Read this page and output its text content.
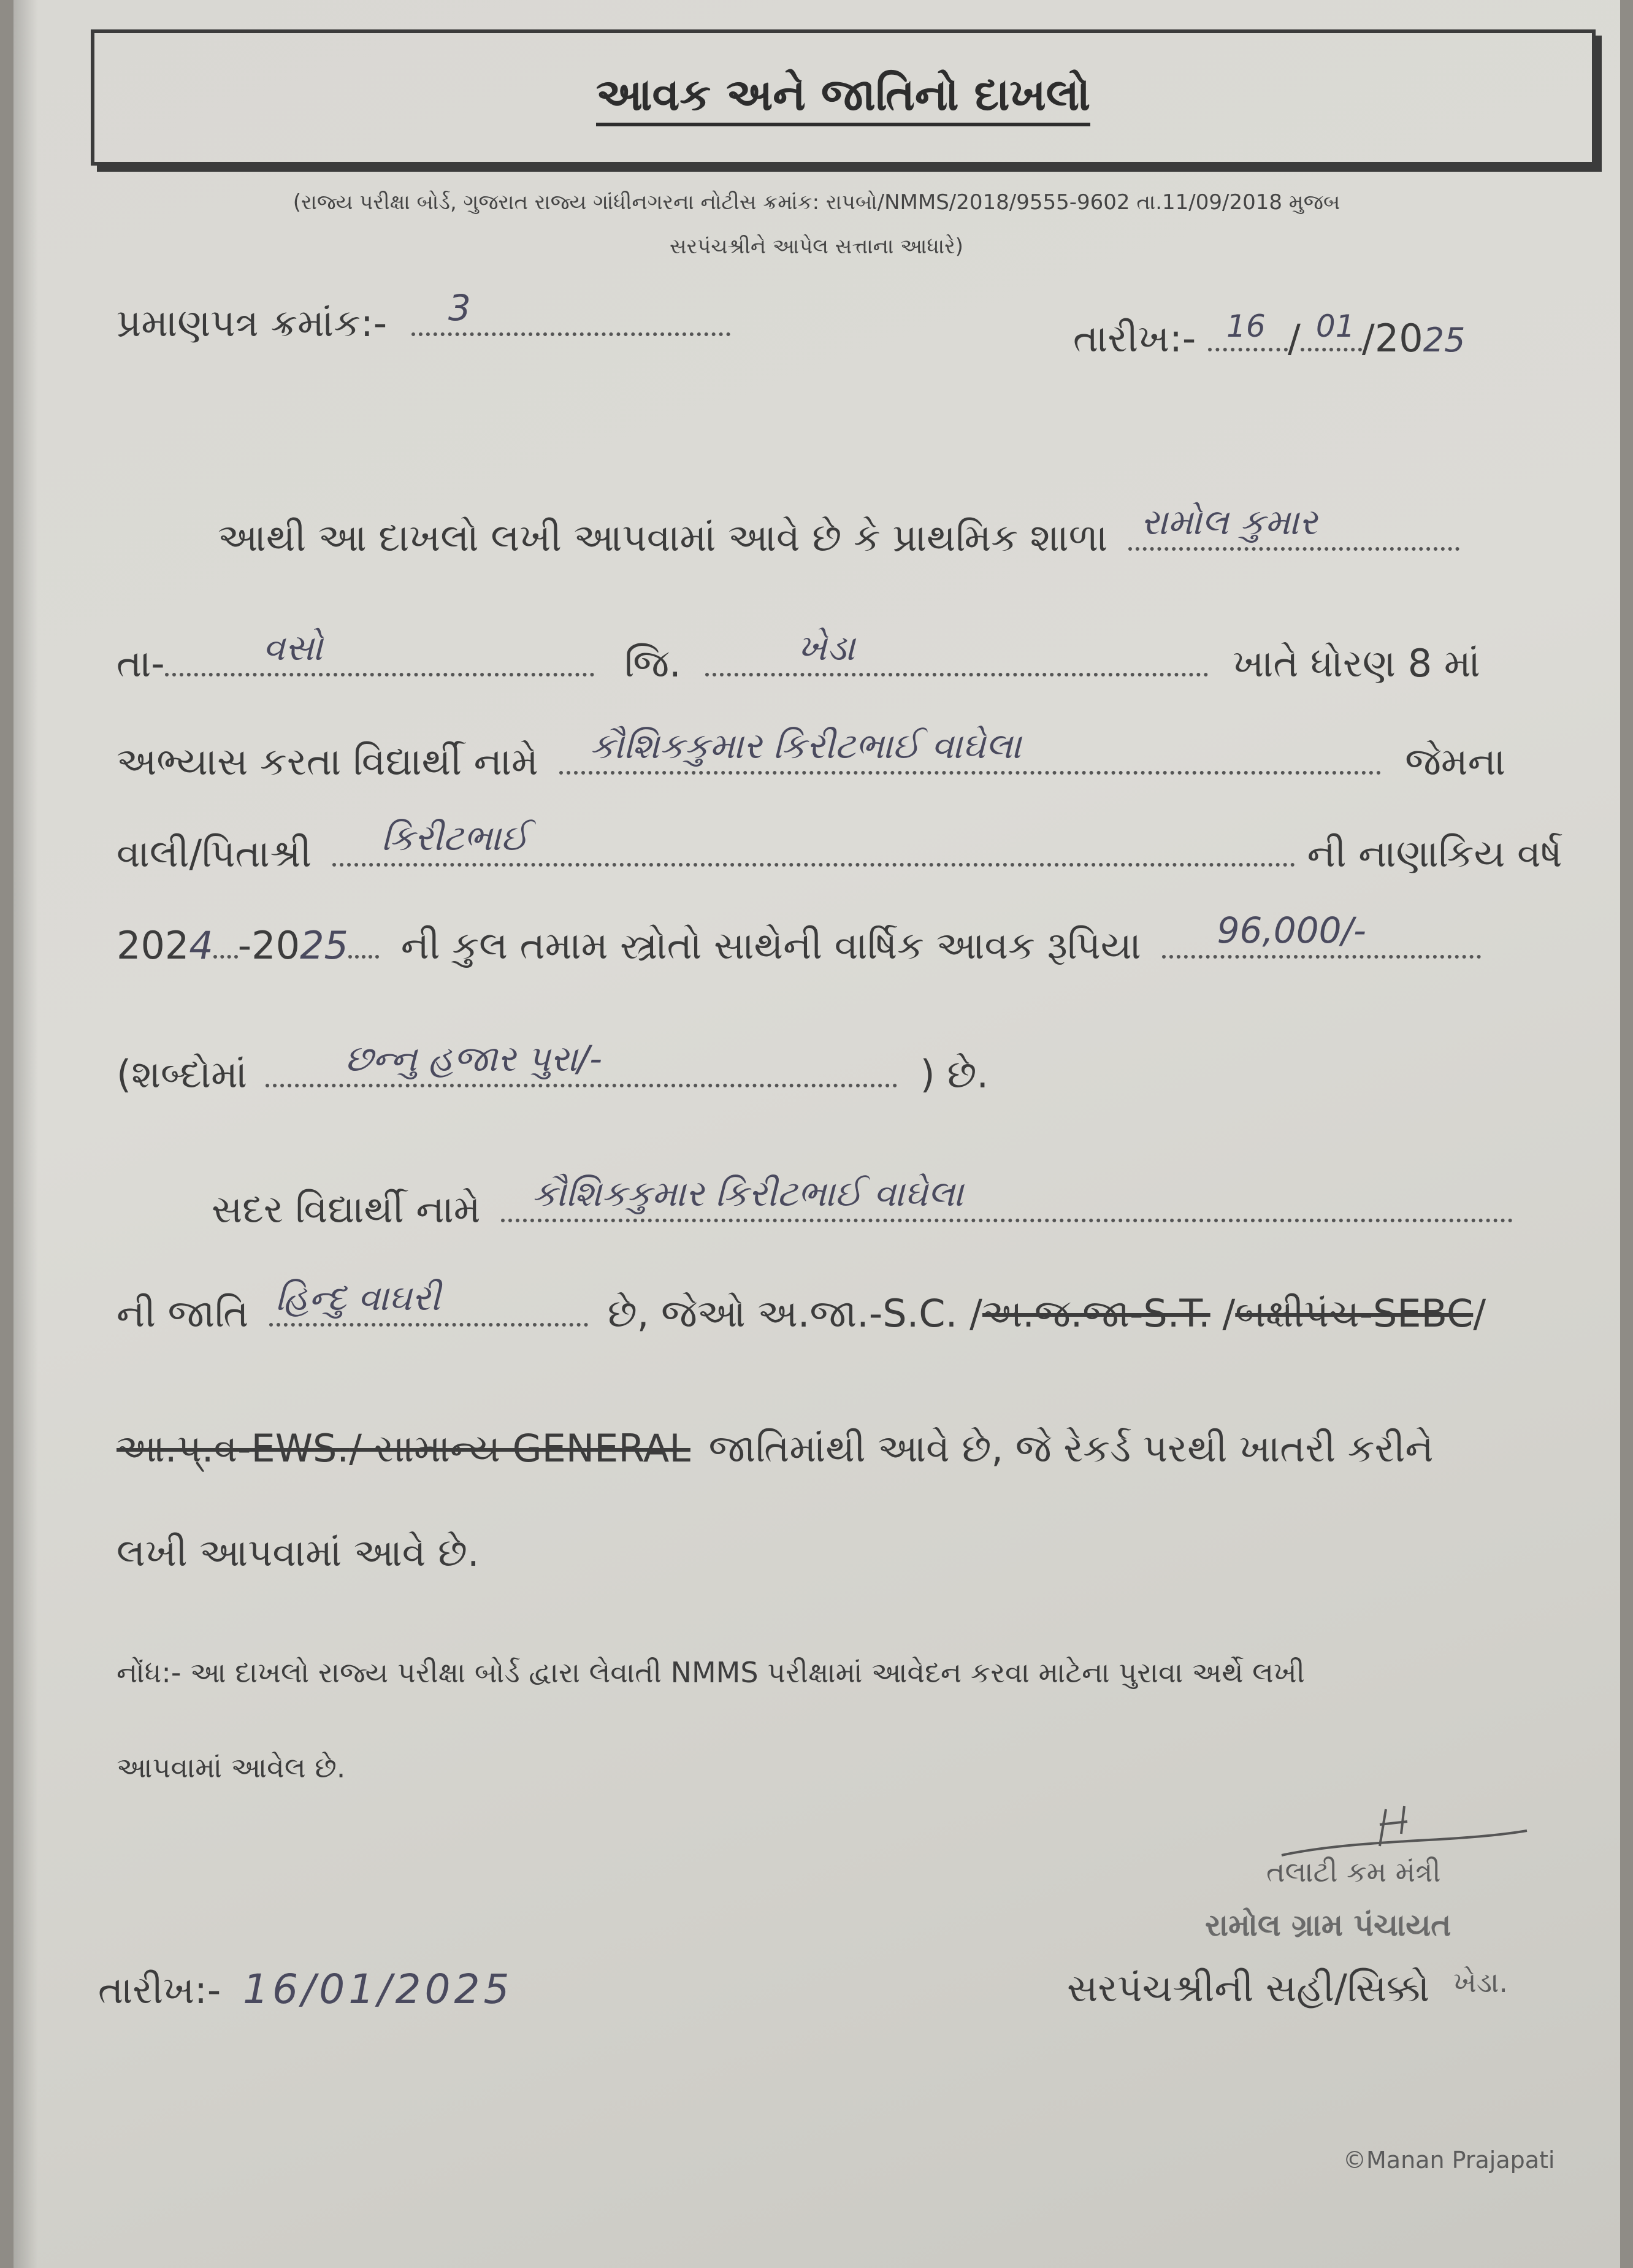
આવક અને જાતિનો દાખલો
(રાજ્ય પરીક્ષા બોર્ડ, ગુજરાત રાજ્ય ગાંધીનગરના નોટીસ ક્રમાંક: રાપબો/NMMS/2018/9555-9602 તા.11/09/2018 મુજબ
સરપંચશ્રીને આપેલ સત્તાના આધારે)
પ્રમાણપત્ર ક્રમાંક:- 3
તારીખ:- 16 / 01 /2025
આથી આ દાખલો લખી આપવામાં આવે છે કે પ્રાથમિક શાળા રામોલ કુમાર
તા-	વસો	જિ.	ખેડા	ખાતે ધોરણ 8 માં
અભ્યાસ કરતા વિદ્યાર્થી નામે કૌશિકકુમાર કિરીટભાઈ વાઘેલા	જેમના
વાલી/પિતાશ્રી કિરીટભાઈ	ની નાણાકિય વર્ષ
2024 -2025 ની કુલ તમામ સ્ત્રોતો સાથેની વાર્ષિક આવક રૂપિયા 96,000/-
(શબ્દોમાં	છન્નુ હજાર પુરા/-	) છે.
સદર વિદ્યાર્થી નામે કૌશિકકુમાર કિરીટભાઈ વાઘેલા
ની જાતિ હિન્દુ વાઘરી	છે, જેઓ અ.જા.-S.C. /અ.જ.જા-S.T. /બક્ષીપંચ-SEBC/
આ.પ્.વ-EWS./ સામાન્ય GENERAL જાતિમાંથી આવે છે, જે રેકર્ડ પરથી ખાતરી કરીને
લખી આપવામાં આવે છે.
નોંધ:- આ દાખલો રાજ્ય પરીક્ષા બોર્ડ દ્વારા લેવાતી NMMS પરીક્ષામાં આવેદન કરવા માટેના પુરાવા અર્થે લખી
આપવામાં આવેલ છે.
તલાટી કમ મંત્રી
રામોલ ગ્રામ પંચાયત
ખેડા.
તારીખ:- 16/01/2025	સરપંચશ્રીની સહી/સિક્કો
©Manan Prajapati
